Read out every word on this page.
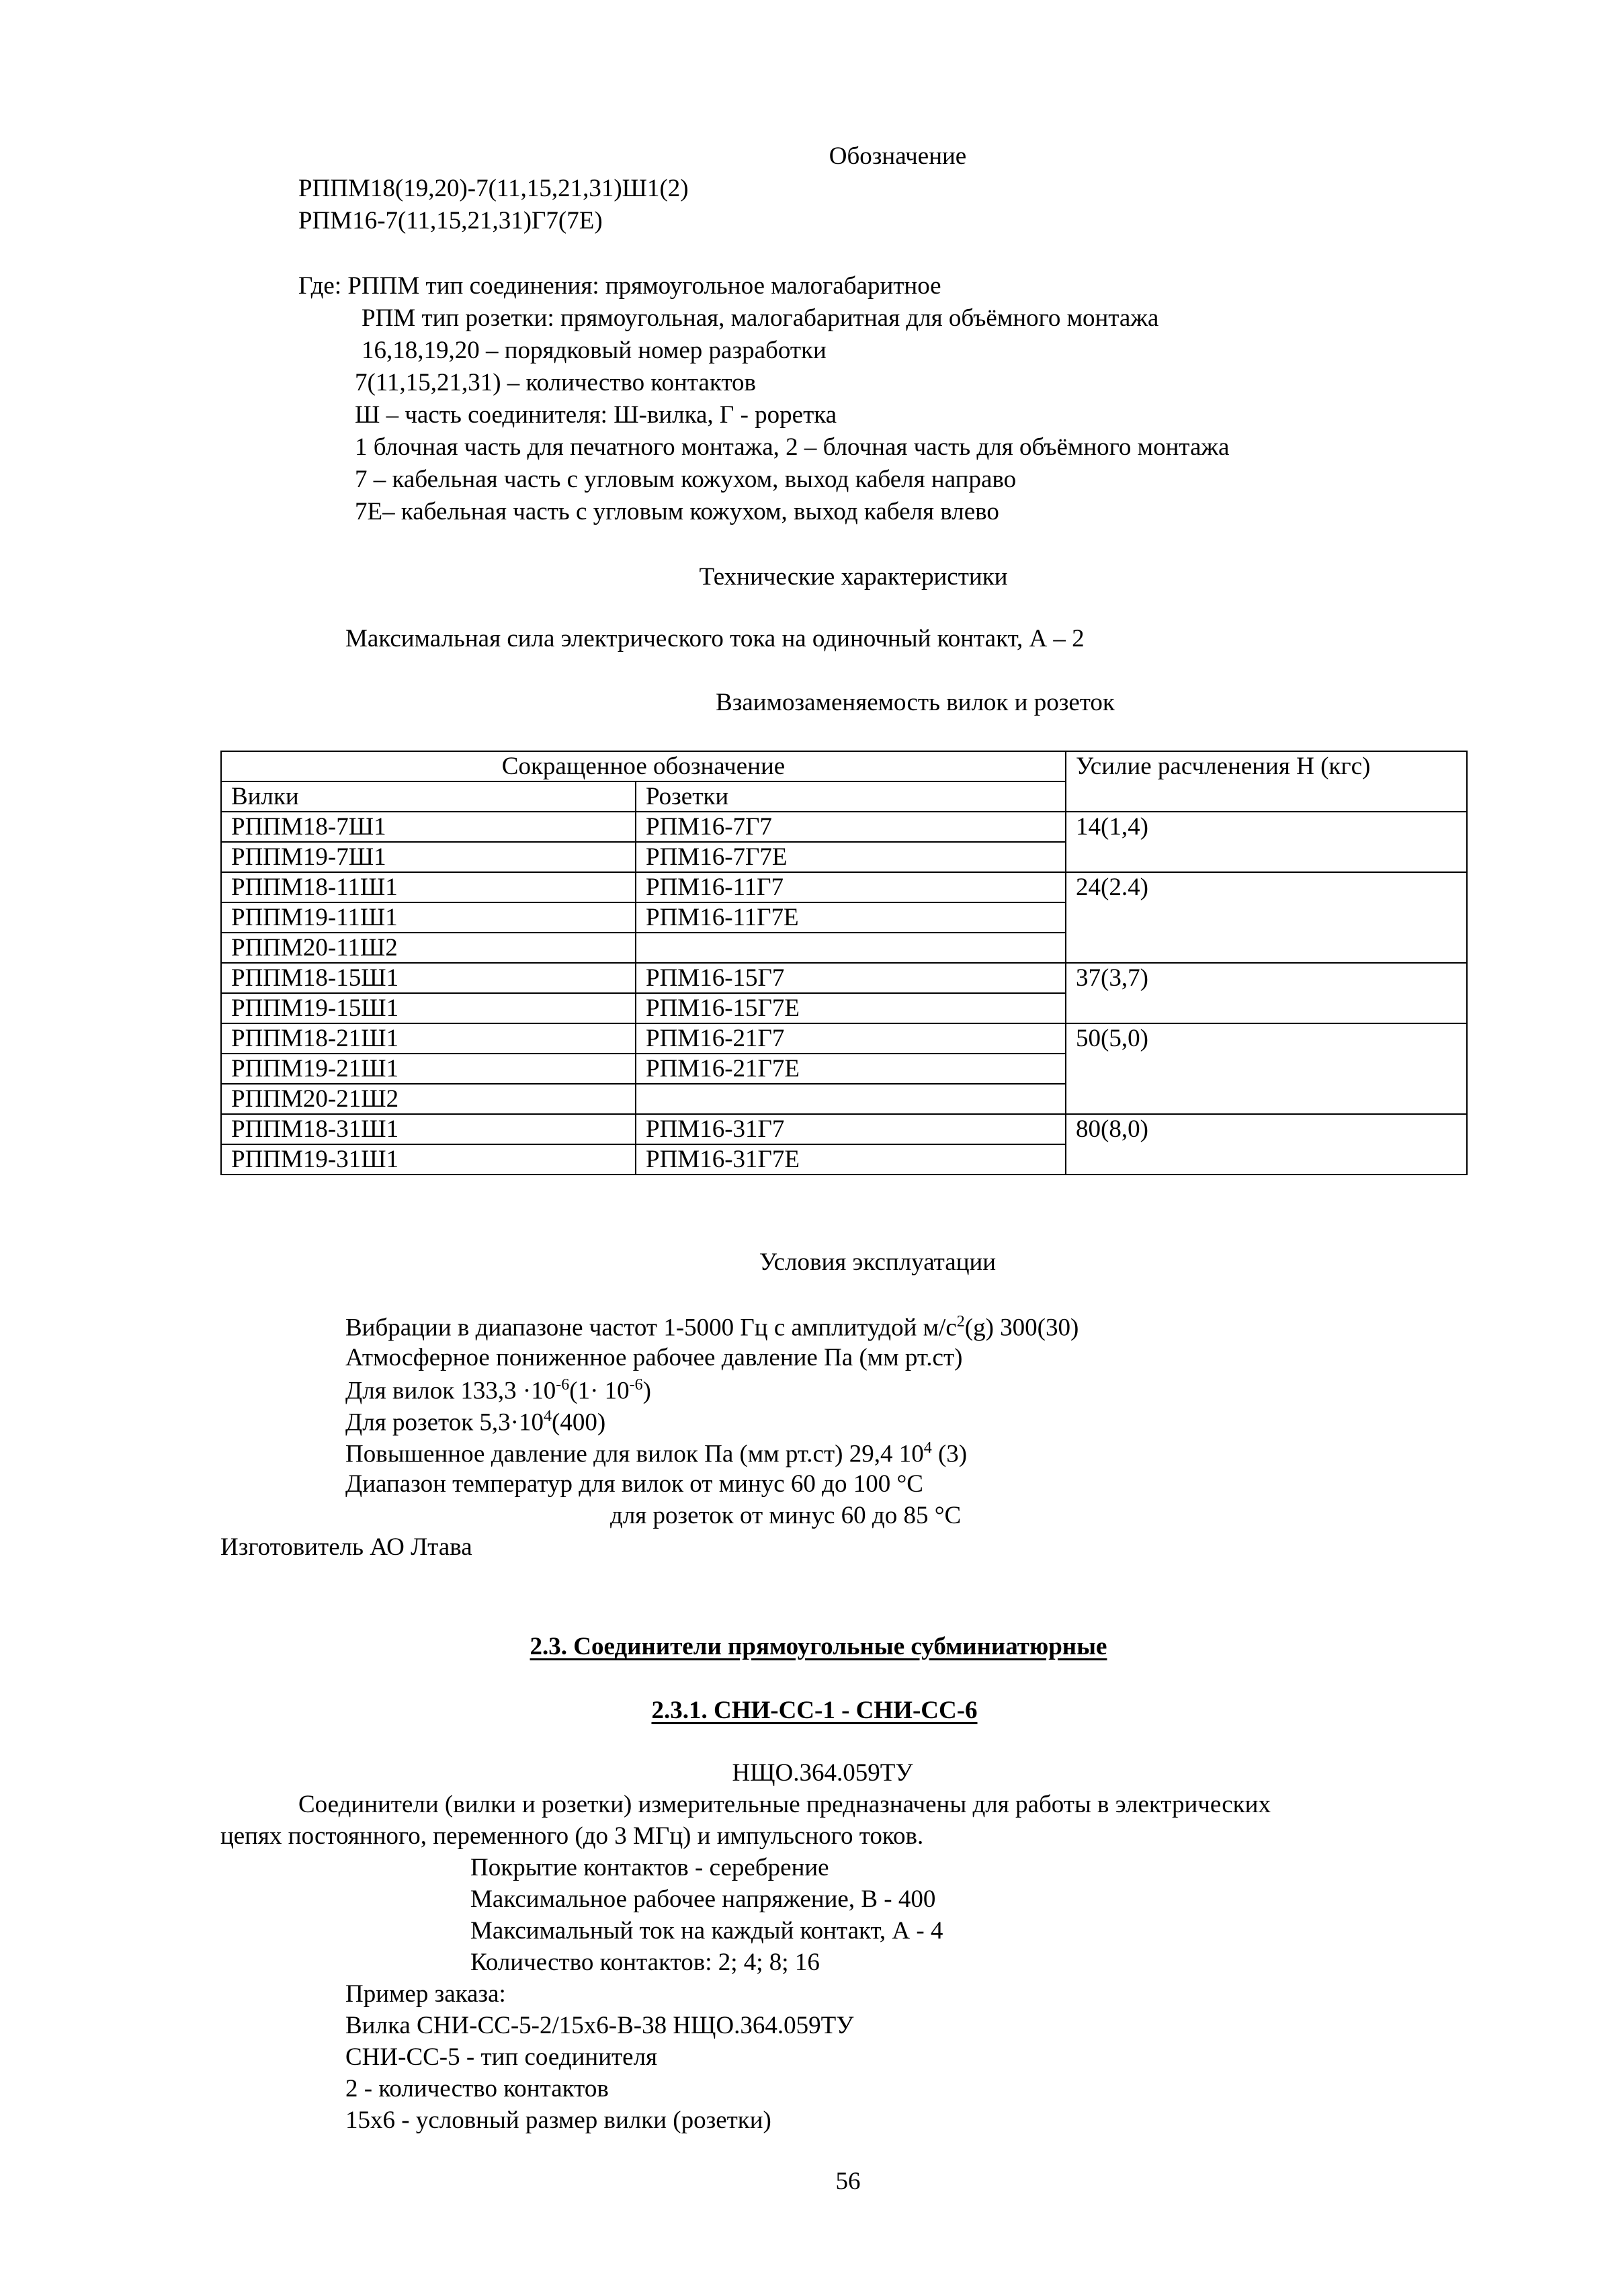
Обозначение
РППМ18(19,20)-7(11,15,21,31)Ш1(2)
РПМ16-7(11,15,21,31)Г7(7Е)
Где: РППМ тип соединения: прямоугольное малогабаритное
РПМ тип розетки: прямоугольная, малогабаритная для объёмного монтажа
16,18,19,20 – порядковый номер разработки
7(11,15,21,31) – количество контактов
Ш – часть соединителя: Ш-вилка, Г - роретка
1 блочная часть для печатного монтажа, 2 – блочная часть для объёмного монтажа
7 – кабельная часть с угловым кожухом, выход кабеля направо
7Е– кабельная часть с угловым кожухом, выход кабеля влево
Технические характеристики
Максимальная сила электрического тока на одиночный контакт, А – 2
Взаимозаменяемость вилок и розеток
Сокращенное обозначение		Усилие расчленения Н (кгс)
Вилки	Розетки	
РППМ18-7Ш1	РПМ16-7Г7	14(1,4)
РППМ19-7Ш1	РПМ16-7Г7Е	
РППМ18-11Ш1	РПМ16-11Г7	24(2.4)
РППМ19-11Ш1	РПМ16-11Г7Е	
РППМ20-11Ш2		
РППМ18-15Ш1	РПМ16-15Г7	37(3,7)
РППМ19-15Ш1	РПМ16-15Г7Е	
РППМ18-21Ш1	РПМ16-21Г7	50(5,0)
РППМ19-21Ш1	РПМ16-21Г7Е	
РППМ20-21Ш2		
РППМ18-31Ш1	РПМ16-31Г7	80(8,0)
РППМ19-31Ш1	РПМ16-31Г7Е	
Условия эксплуатации
Вибрации в диапазоне частот 1-5000 Гц с амплитудой $м/с^2(g)$ 300(30)
Атмосферное пониженное рабочее давление Па (мм рт.ст)
Для вилок $133,3 \cdot 10^{-6}(1\cdot 10^{-6})$
Для розеток $5,3\cdot 10^4(400)$
Повышенное давление для вилок Па (мм рт.ст) 29,4 $10^4$ (3)
Диапазон температур для вилок от минус 60 до 100 °С
для розеток от минус 60 до 85 °С
Изготовитель АО Лтава
2.3. Соединители прямоугольные субминиатюрные
2.3.1. СНИ-СС-1 - СНИ-СС-6
НЩО.364.059ТУ
Соединители (вилки и розетки) измерительные предназначены для работы в электрических
цепях постоянного, переменного (до 3 МГц) и импульсного токов.
Покрытие контактов - серебрение
Максимальное рабочее напряжение, В - 400
Максимальный ток на каждый контакт, А - 4
Количество контактов: 2; 4; 8; 16
Пример заказа:
Вилка СНИ-СС-5-2/15х6-В-38 НЩО.364.059ТУ
СНИ-СС-5 - тип соединителя
2 - количество контактов
15х6 - условный размер вилки (розетки)
56
